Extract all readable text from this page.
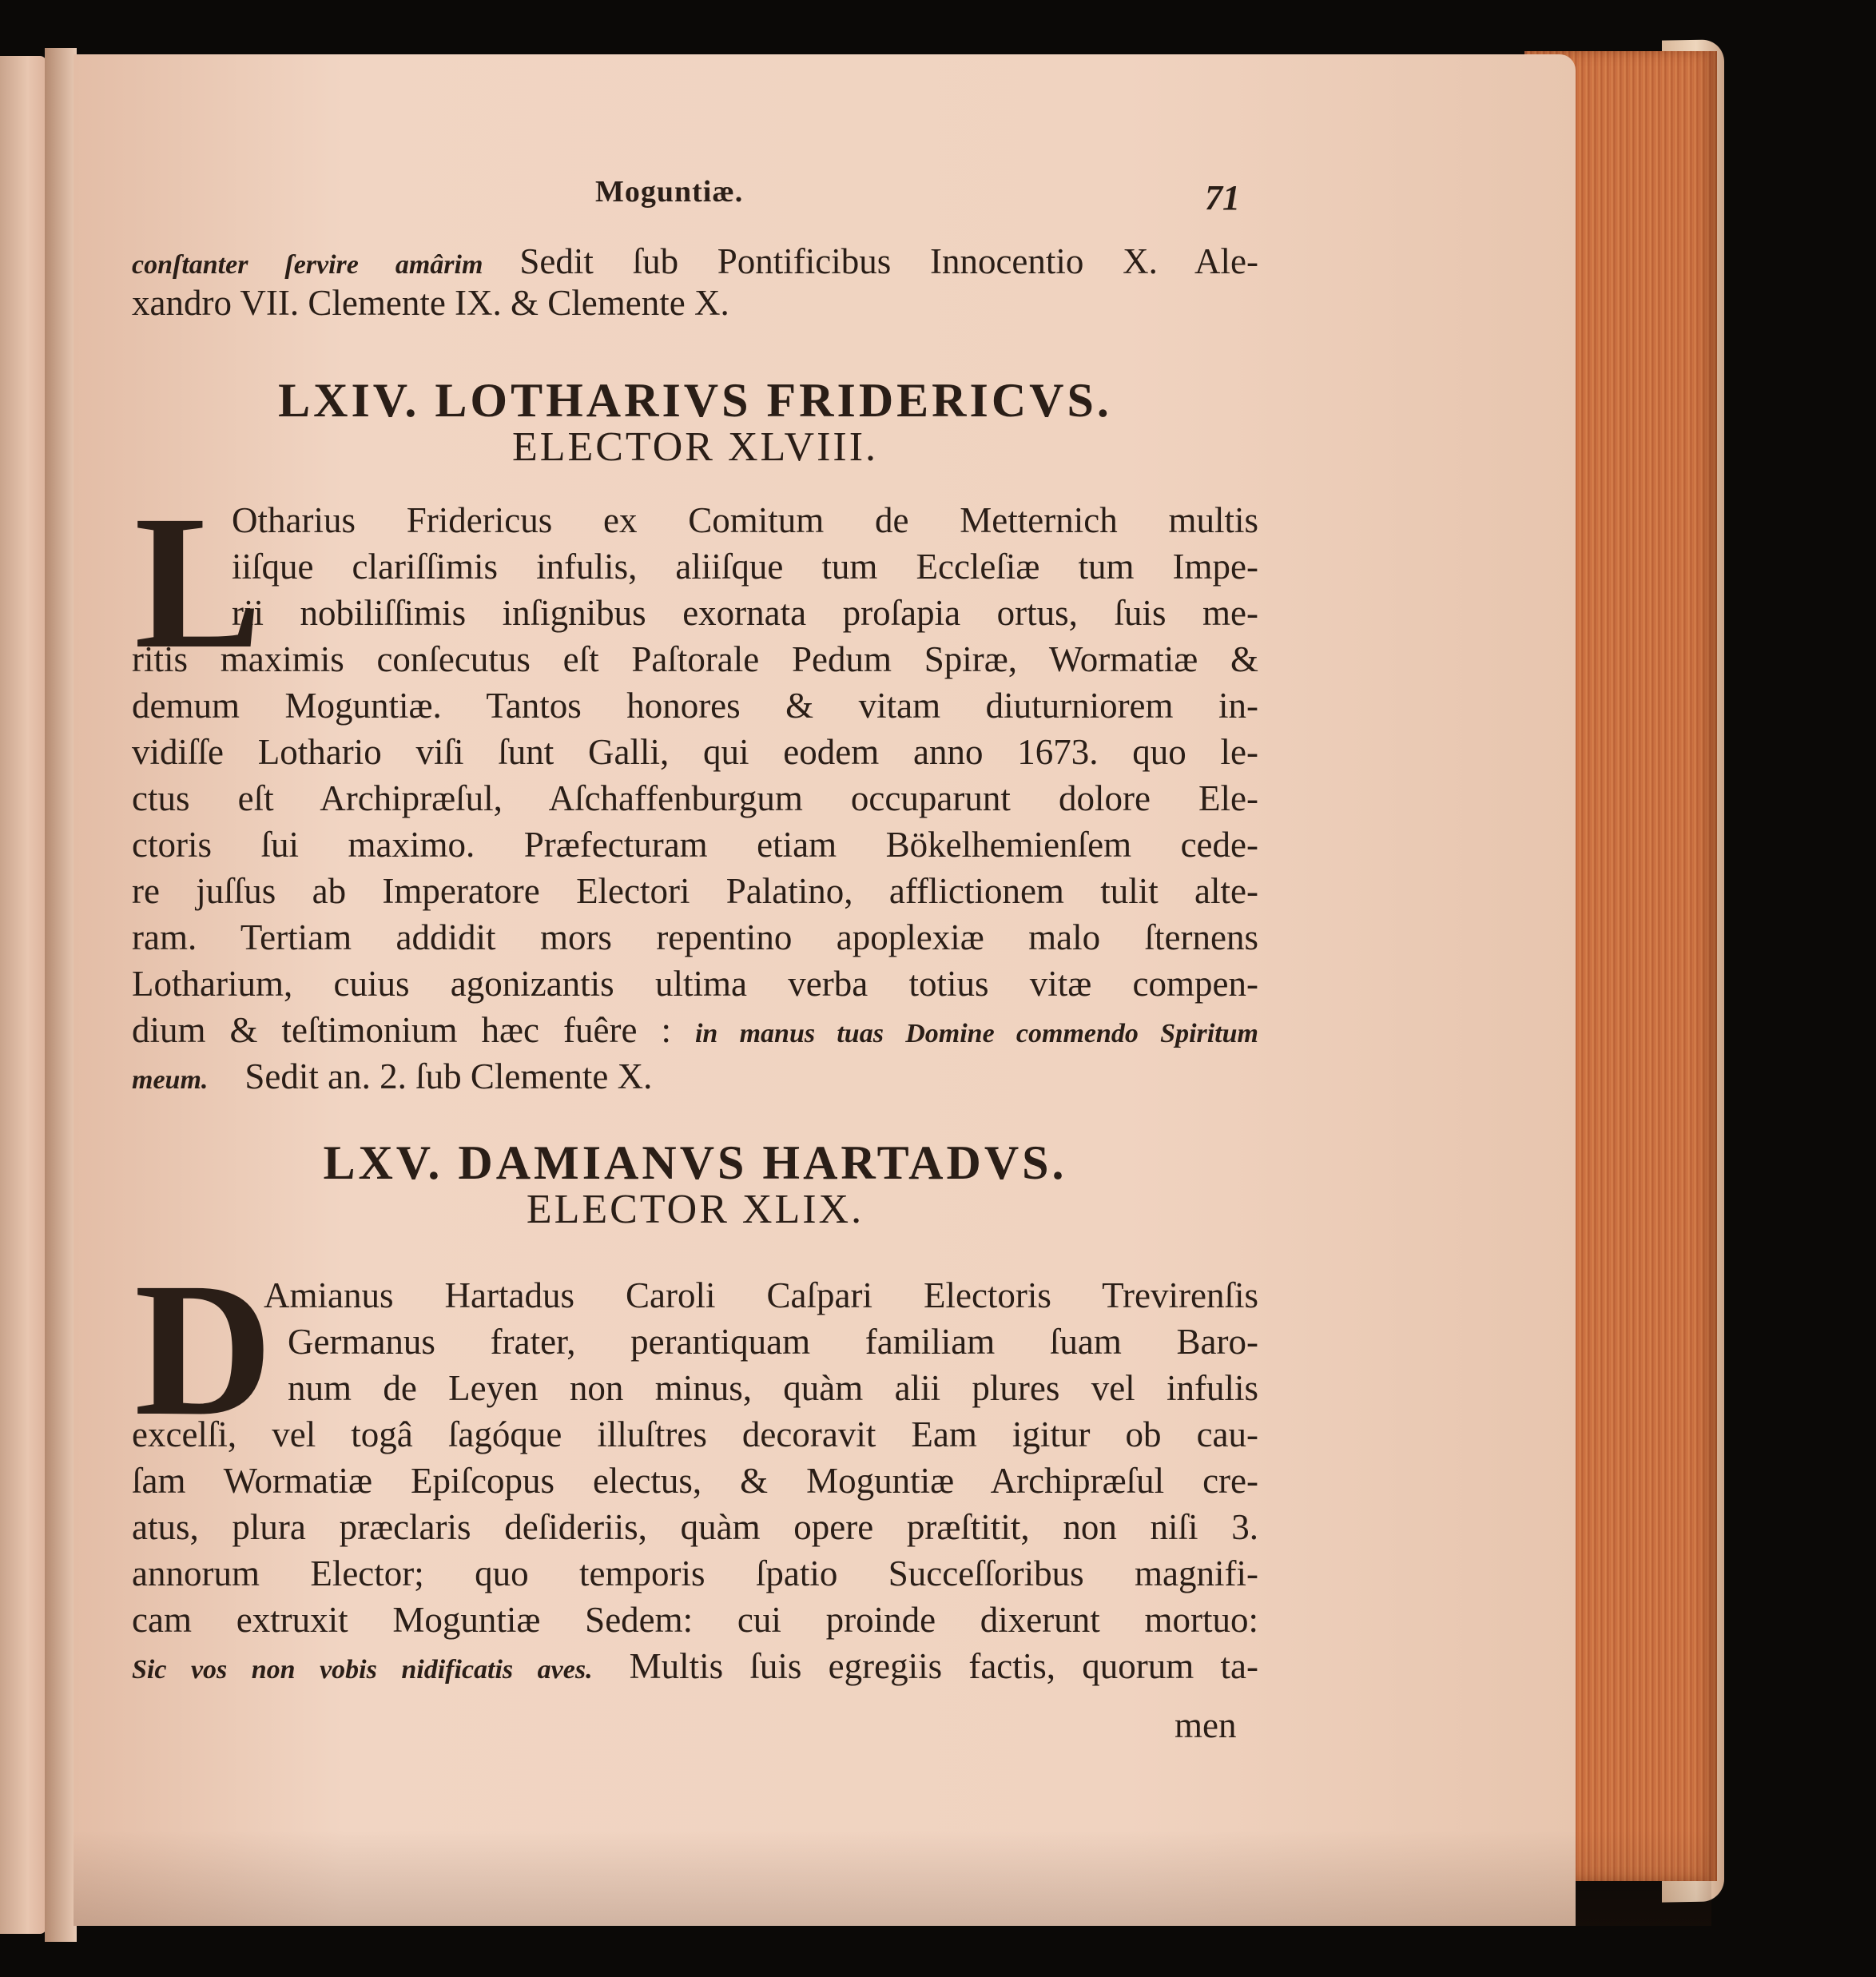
Moguntiæ.	71
conſtanter ſervire amârim Sedit ſub Pontificibus Innocentio X. Ale-
xandro VII. Clemente IX. & Clemente X.
LXIV. LOTHARIVS FRIDERICVS.
ELECTOR XLVIII.
L
Otharius Fridericus ex Comitum de Metternich multis
iiſque clariſſimis infulis, aliiſque tum Eccleſiæ tum Impe-
rii nobiliſſimis inſignibus exornata proſapia ortus, ſuis me-
ritis maximis conſecutus eſt Paſtorale Pedum Spiræ, Wormatiæ &
demum Moguntiæ. Tantos honores & vitam diuturniorem in-
vidiſſe Lothario viſi ſunt Galli, qui eodem anno 1673. quo le-
ctus eſt Archipræſul, Aſchaffenburgum occuparunt dolore Ele-
ctoris ſui maximo. Præfecturam etiam Bökelhemienſem cede-
re juſſus ab Imperatore Electori Palatino, afflictionem tulit alte-
ram. Tertiam addidit mors repentino apoplexiæ malo ſternens
Lotharium, cuius agonizantis ultima verba totius vitæ compen-
dium & teſtimonium hæc fuêre : in manus tuas Domine commendo Spiritum
meum. Sedit an. 2. ſub Clemente X.
LXV. DAMIANVS HARTADVS.
ELECTOR XLIX.
D
Amianus Hartadus Caroli Caſpari Electoris Trevirenſis
Germanus frater, perantiquam familiam ſuam Baro-
num de Leyen non minus, quàm alii plures vel infulis
excelſi, vel togâ ſagóque illuſtres decoravit Eam igitur ob cau-
ſam Wormatiæ Epiſcopus electus, & Moguntiæ Archipræſul cre-
atus, plura præclaris deſideriis, quàm opere præſtitit, non niſi 3.
annorum Elector; quo temporis ſpatio Succeſſoribus magnifi-
cam extruxit Moguntiæ Sedem: cui proinde dixerunt mortuo:
Sic vos non vobis nidificatis aves. Multis ſuis egregiis factis, quorum ta-
men
